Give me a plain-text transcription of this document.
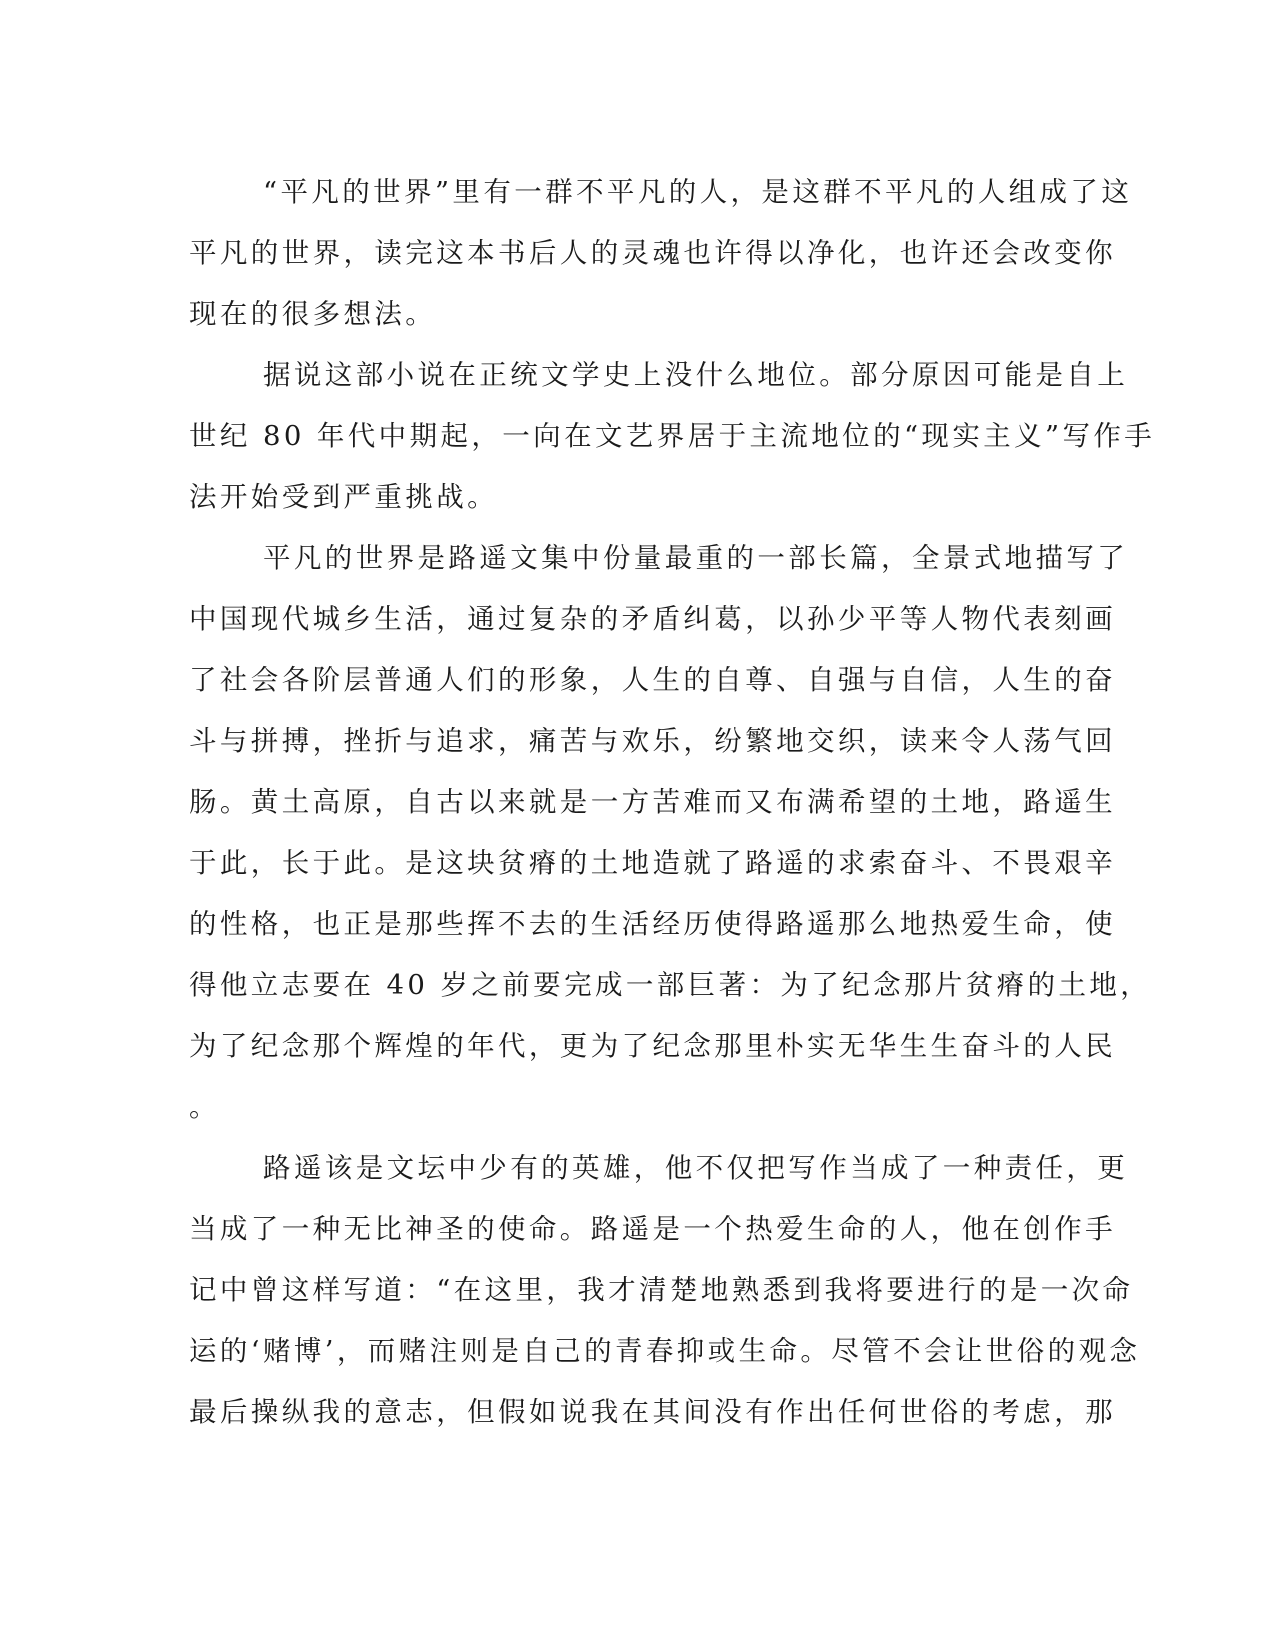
“平凡的世界”里有一群不平凡的人，是这群不平凡的人组成了这
平凡的世界，读完这本书后人的灵魂也许得以净化，也许还会改变你
现在的很多想法。
据说这部小说在正统文学史上没什么地位。部分原因可能是自上
世纪 80 年代中期起，一向在文艺界居于主流地位的“现实主义”写作手
法开始受到严重挑战。
平凡的世界是路遥文集中份量最重的一部长篇，全景式地描写了
中国现代城乡生活，通过复杂的矛盾纠葛，以孙少平等人物代表刻画
了社会各阶层普通人们的形象，人生的自尊、自强与自信，人生的奋
斗与拼搏，挫折与追求，痛苦与欢乐，纷繁地交织，读来令人荡气回
肠。黄土高原，自古以来就是一方苦难而又布满希望的土地，路遥生
于此，长于此。是这块贫瘠的土地造就了路遥的求索奋斗、不畏艰辛
的性格，也正是那些挥不去的生活经历使得路遥那么地热爱生命，使
得他立志要在 40 岁之前要完成一部巨著：为了纪念那片贫瘠的土地，
为了纪念那个辉煌的年代，更为了纪念那里朴实无华生生奋斗的人民
。
路遥该是文坛中少有的英雄，他不仅把写作当成了一种责任，更
当成了一种无比神圣的使命。路遥是一个热爱生命的人，他在创作手
记中曾这样写道：“在这里，我才清楚地熟悉到我将要进行的是一次命
运的‘赌博’，而赌注则是自己的青春抑或生命。尽管不会让世俗的观念
最后操纵我的意志，但假如说我在其间没有作出任何世俗的考虑，那
